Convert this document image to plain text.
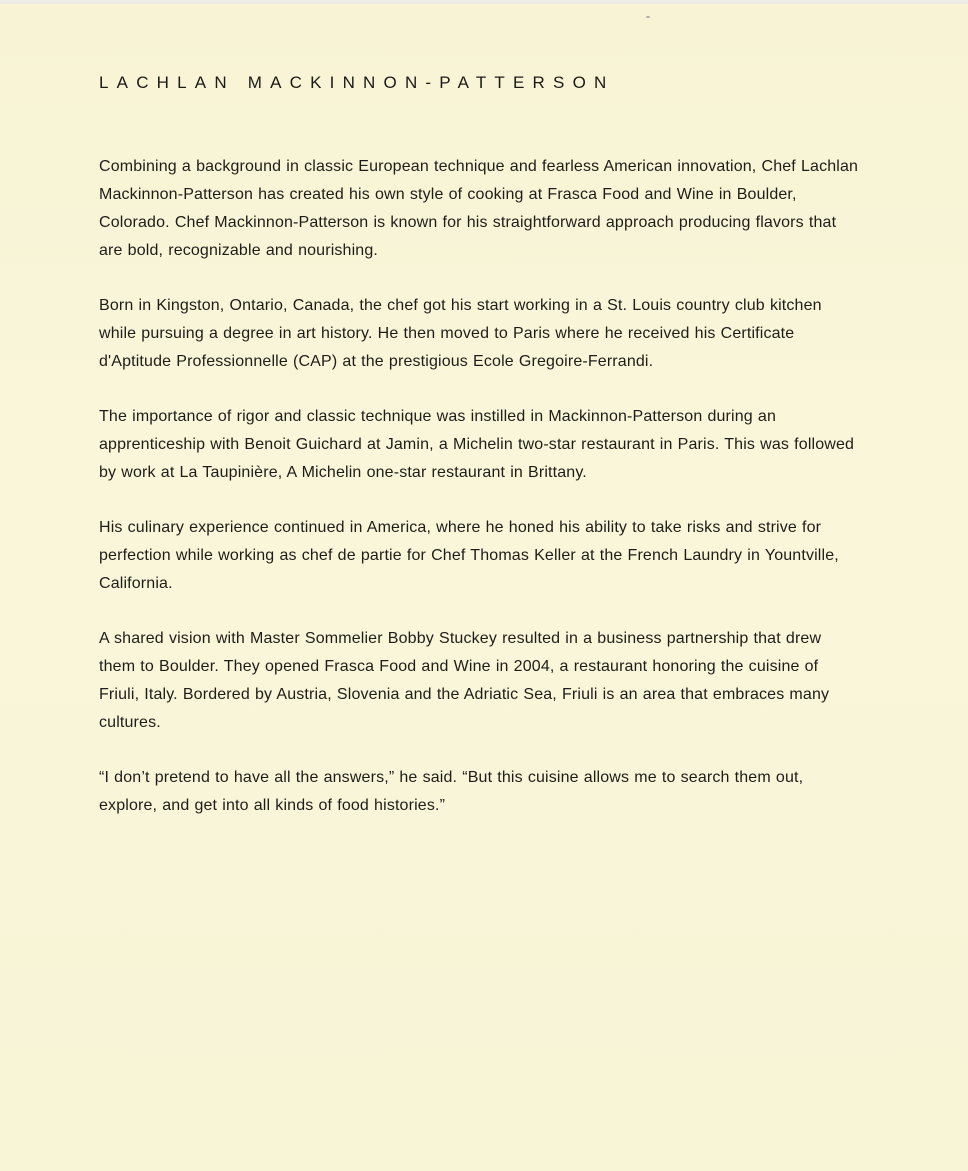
LACHLAN MACKINNON-PATTERSON

Combining a background in classic European technique and fearless American innovation, Chef Lachlan Mackinnon-Patterson has created his own style of cooking at Frasca Food and Wine in Boulder, Colorado. Chef Mackinnon-Patterson is known for his straightforward approach producing flavors that are bold, recognizable and nourishing.

Born in Kingston, Ontario, Canada, the chef got his start working in a St. Louis country club kitchen while pursuing a degree in art history. He then moved to Paris where he received his Certificate d'Aptitude Professionnelle (CAP) at the prestigious Ecole Gregoire-Ferrandi.

The importance of rigor and classic technique was instilled in Mackinnon-Patterson during an apprenticeship with Benoit Guichard at Jamin, a Michelin two-star restaurant in Paris. This was followed by work at La Taupinière, A Michelin one-star restaurant in Brittany.

His culinary experience continued in America, where he honed his ability to take risks and strive for perfection while working as chef de partie for Chef Thomas Keller at the French Laundry in Yountville, California.

A shared vision with Master Sommelier Bobby Stuckey resulted in a business partnership that drew them to Boulder. They opened Frasca Food and Wine in 2004, a restaurant honoring the cuisine of Friuli, Italy. Bordered by Austria, Slovenia and the Adriatic Sea, Friuli is an area that embraces many cultures.

“I don’t pretend to have all the answers,” he said. “But this cuisine allows me to search them out, explore, and get into all kinds of food histories.”
